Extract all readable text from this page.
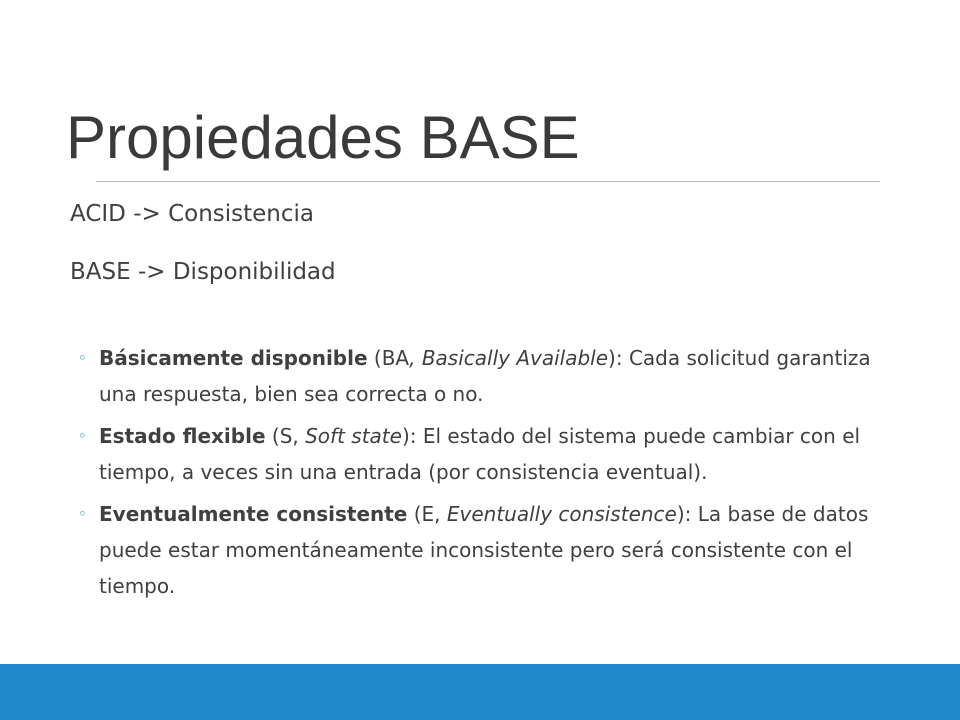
Propiedades BASE
ACID -> Consistencia
BASE -> Disponibilidad
◦ Básicamente disponible (BA, Basically Available): Cada solicitud garantiza una respuesta, bien sea correcta o no.
◦ Estado flexible (S, Soft state): El estado del sistema puede cambiar con el tiempo, a veces sin una entrada (por consistencia eventual).
◦ Eventualmente consistente (E, Eventually consistence): La base de datos puede estar momentáneamente inconsistente pero será consistente con el tiempo.
